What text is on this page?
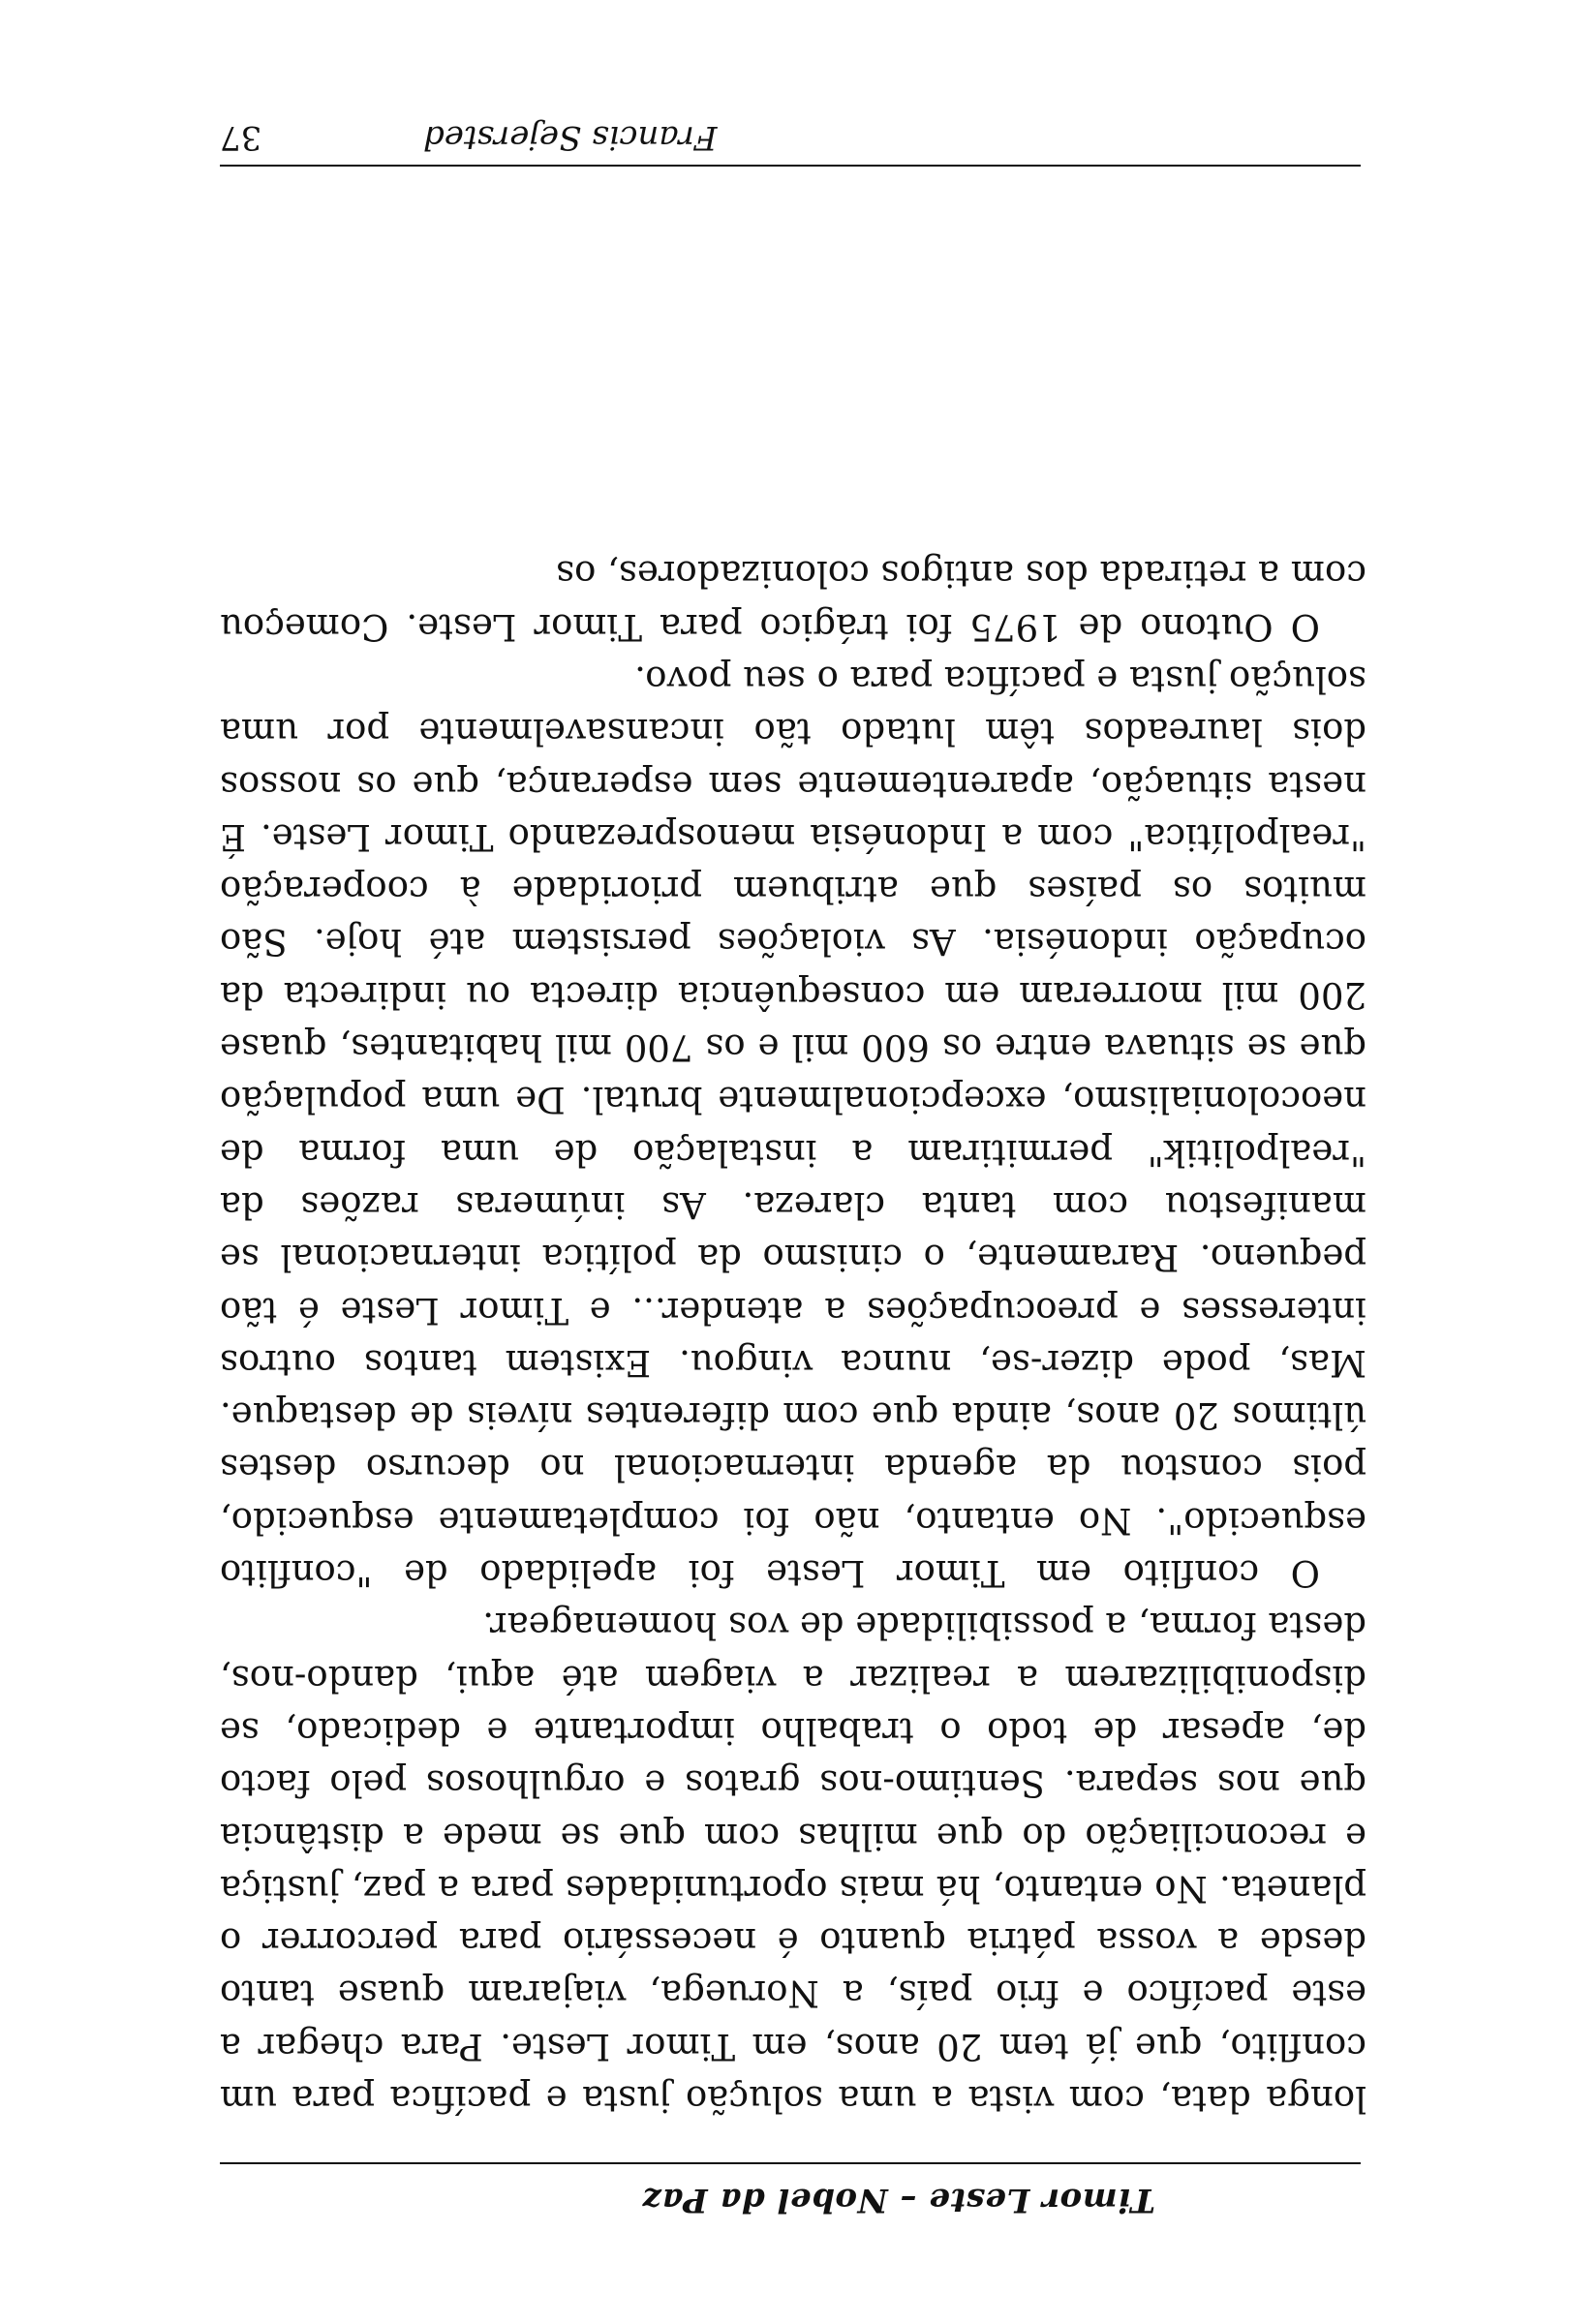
Timor Leste – Nobel da Paz

longa data, com vista a uma solução justa e pacífica para um conflito, que já tem 20 anos, em Timor Leste. Para chegar a este pacífico e frio país, a Noruega, viajaram quase tanto desde a vossa pátria quanto é necessário para percorrer o planeta. No entanto, há mais oportunidades para a paz, justiça e reconciliação do que milhas com que se mede a distância que nos separa. Sentimo-nos gratos e orgulhosos pelo facto de, apesar de todo o trabalho importante e dedicado, se disponibilizarem a realizar a viagem até aqui, dando-nos, desta forma, a possibilidade de vos homenagear.

O conflito em Timor Leste foi apelidado de "conflito esquecido". No entanto, não foi completamente esquecido, pois constou da agenda internacional no decurso destes últimos 20 anos, ainda que com diferentes níveis de destaque. Mas, pode dizer-se, nunca vingou. Existem tantos outros interesses e preocupações a atender... e Timor Leste é tão pequeno. Raramente, o cinismo da política internacional se manifestou com tanta clareza. As inúmeras razões da "realpolitik" permitiram a instalação de uma forma de neocolonialismo, excepcionalmente brutal. De uma população que se situava entre os 600 mil e os 700 mil habitantes, quase 200 mil morreram em consequência directa ou indirecta da ocupação indonésia. As violações persistem até hoje. São muitos os países que atribuem prioridade à cooperação "realpolítica" com a Indonésia menosprezando Timor Leste. É nesta situação, aparentemente sem esperança, que os nossos dois laureados têm lutado tão incansavelmente por uma solução justa e pacífica para o seu povo.

O Outono de 1975 foi trágico para Timor Leste. Começou com a retirada dos antigos colonizadores, os

Francis Sejersted
37
